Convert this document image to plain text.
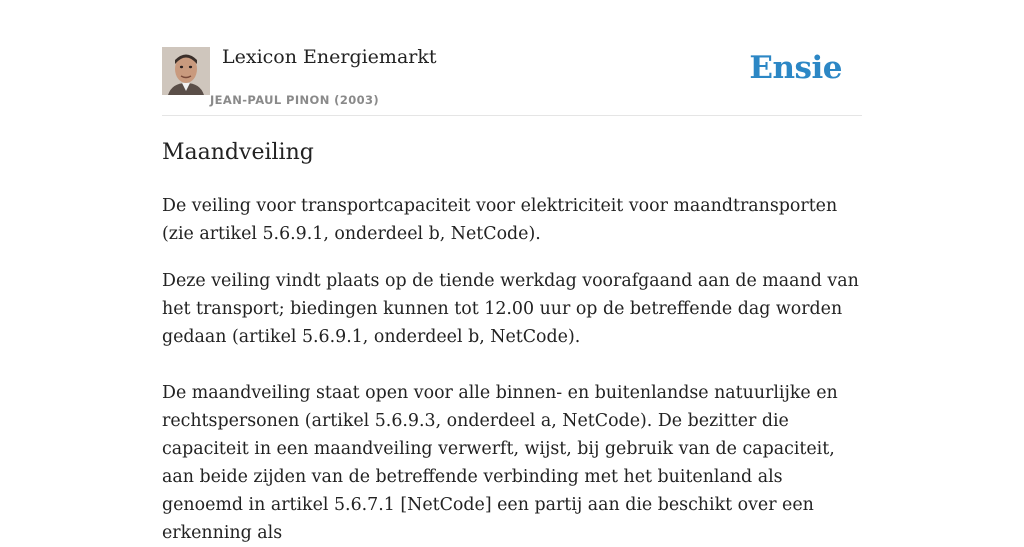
Lexicon Energiemarkt
JEAN-PAUL PINON (2003)
Ensie
Maandveiling

De veiling voor transportcapaciteit voor elektriciteit voor maandtransporten (zie artikel 5.6.9.1, onderdeel b, NetCode).

Deze veiling vindt plaats op de tiende werkdag voorafgaand aan de maand van het transport; biedingen kunnen tot 12.00 uur op de betreffende dag worden gedaan (artikel 5.6.9.1, onderdeel b, NetCode).

De maandveiling staat open voor alle binnen- en buitenlandse natuurlijke en rechtspersonen (artikel 5.6.9.3, onderdeel a, NetCode). De bezitter die capaciteit in een maandveiling verwerft, wijst, bij gebruik van de capaciteit, aan beide zijden van de betreffende verbinding met het buitenland als genoemd in artikel 5.6.7.1 [NetCode] een partij aan die beschikt over een erkenning als
